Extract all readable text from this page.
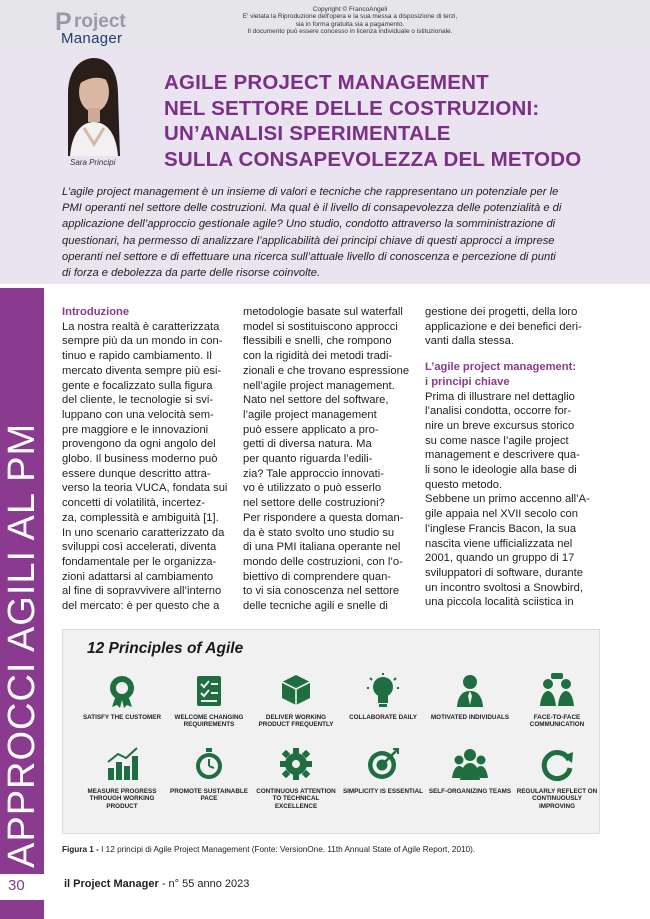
P roject
Manager
Copyright © FrancoAngeli
E' vietata la Riproduzione dell'opera e la sua messa a disposizione di terzi,
sia in forma gratuita sia a pagamento.
Il documento può essere concesso in licenza individuale o istituzionale.
Sara Principi
AGILE PROJECT MANAGEMENT
NEL SETTORE DELLE COSTRUZIONI:
UN’ANALISI SPERIMENTALE
SULLA CONSAPEVOLEZZA DEL METODO
L’agile project management è un insieme di valori e tecniche che rappresentano un potenziale per le
PMI operanti nel settore delle costruzioni. Ma qual è il livello di consapevolezza delle potenzialità e di
applicazione dell’approccio gestionale agile? Uno studio, condotto attraverso la somministrazione di
questionari, ha permesso di analizzare l’applicabilità dei principi chiave di questi approcci a imprese
operanti nel settore e di effettuare una ricerca sull’attuale livello di conoscenza e percezione di punti
di forza e debolezza da parte delle risorse coinvolte.
APPROCCI AGILI AL PM
30
Introduzione
La nostra realtà è caratterizzata
sempre più da un mondo in con-
tinuo e rapido cambiamento. Il
mercato diventa sempre più esi-
gente e focalizzato sulla figura
del cliente, le tecnologie si svi-
luppano con una velocità sem-
pre maggiore e le innovazioni
provengono da ogni angolo del
globo. Il business moderno può
essere dunque descritto attra-
verso la teoria VUCA, fondata sui
concetti di volatilità, incertez-
za, complessità e ambiguità [1].
In uno scenario caratterizzato da
sviluppi così accelerati, diventa
fondamentale per le organizza-
zioni adattarsi al cambiamento
al fine di sopravvivere all’interno
del mercato: è per questo che a
metodologie basate sul waterfall
model si sostituiscono approcci
flessibili e snelli, che rompono
con la rigidità dei metodi tradi-
zionali e che trovano espressione
nell’agile project management.
Nato nel settore del software,
l’agile project management
può essere applicato a pro-
getti di diversa natura. Ma
per quanto riguarda l’edili-
zia? Tale approccio innovati-
vo è utilizzato o può esserlo
nel settore delle costruzioni?
Per rispondere a questa doman-
da è stato svolto uno studio su
di una PMI italiana operante nel
mondo delle costruzioni, con l’o-
biettivo di comprendere quan-
to vi sia conoscenza nel settore
delle tecniche agili e snelle di
gestione dei progetti, della loro
applicazione e dei benefici deri-
vanti dalla stessa.
L’agile project management:
i principi chiave
Prima di illustrare nel dettaglio
l’analisi condotta, occorre for-
nire un breve excursus storico
su come nasce l’agile project
management e descrivere qua-
li sono le ideologie alla base di
questo metodo.
Sebbene un primo accenno all’A-
gile appaia nel XVII secolo con
l’inglese Francis Bacon, la sua
nascita viene ufficializzata nel
2001, quando un gruppo di 17
sviluppatori di software, durante
un incontro svoltosi a Snowbird,
una piccola località sciistica in
12 Principles of Agile
SATISFY THE CUSTOMER	WELCOME CHANGING REQUIREMENTS
DELIVER WORKING PRODUCT FREQUENTLY
COLLABORATE DAILY	MOTIVATED INDIVIDUALS	FACE-TO-FACE COMMUNICATION
MEASURE PROGRESS THROUGH WORKING PRODUCT
PROMOTE SUSTAINABLE PACE
CONTINUOUS ATTENTION TO TECHNICAL EXCELLENCE
SIMPLICITY IS ESSENTIAL SELF-ORGANIZING TEAMS REGULARLY REFLECT ON CONTINUOUSLY IMPROVING
Figura 1 - I 12 principi di Agile Project Management (Fonte: VersionOne. 11th Annual State of Agile Report, 2010).
il Project Manager - n° 55 anno 2023
